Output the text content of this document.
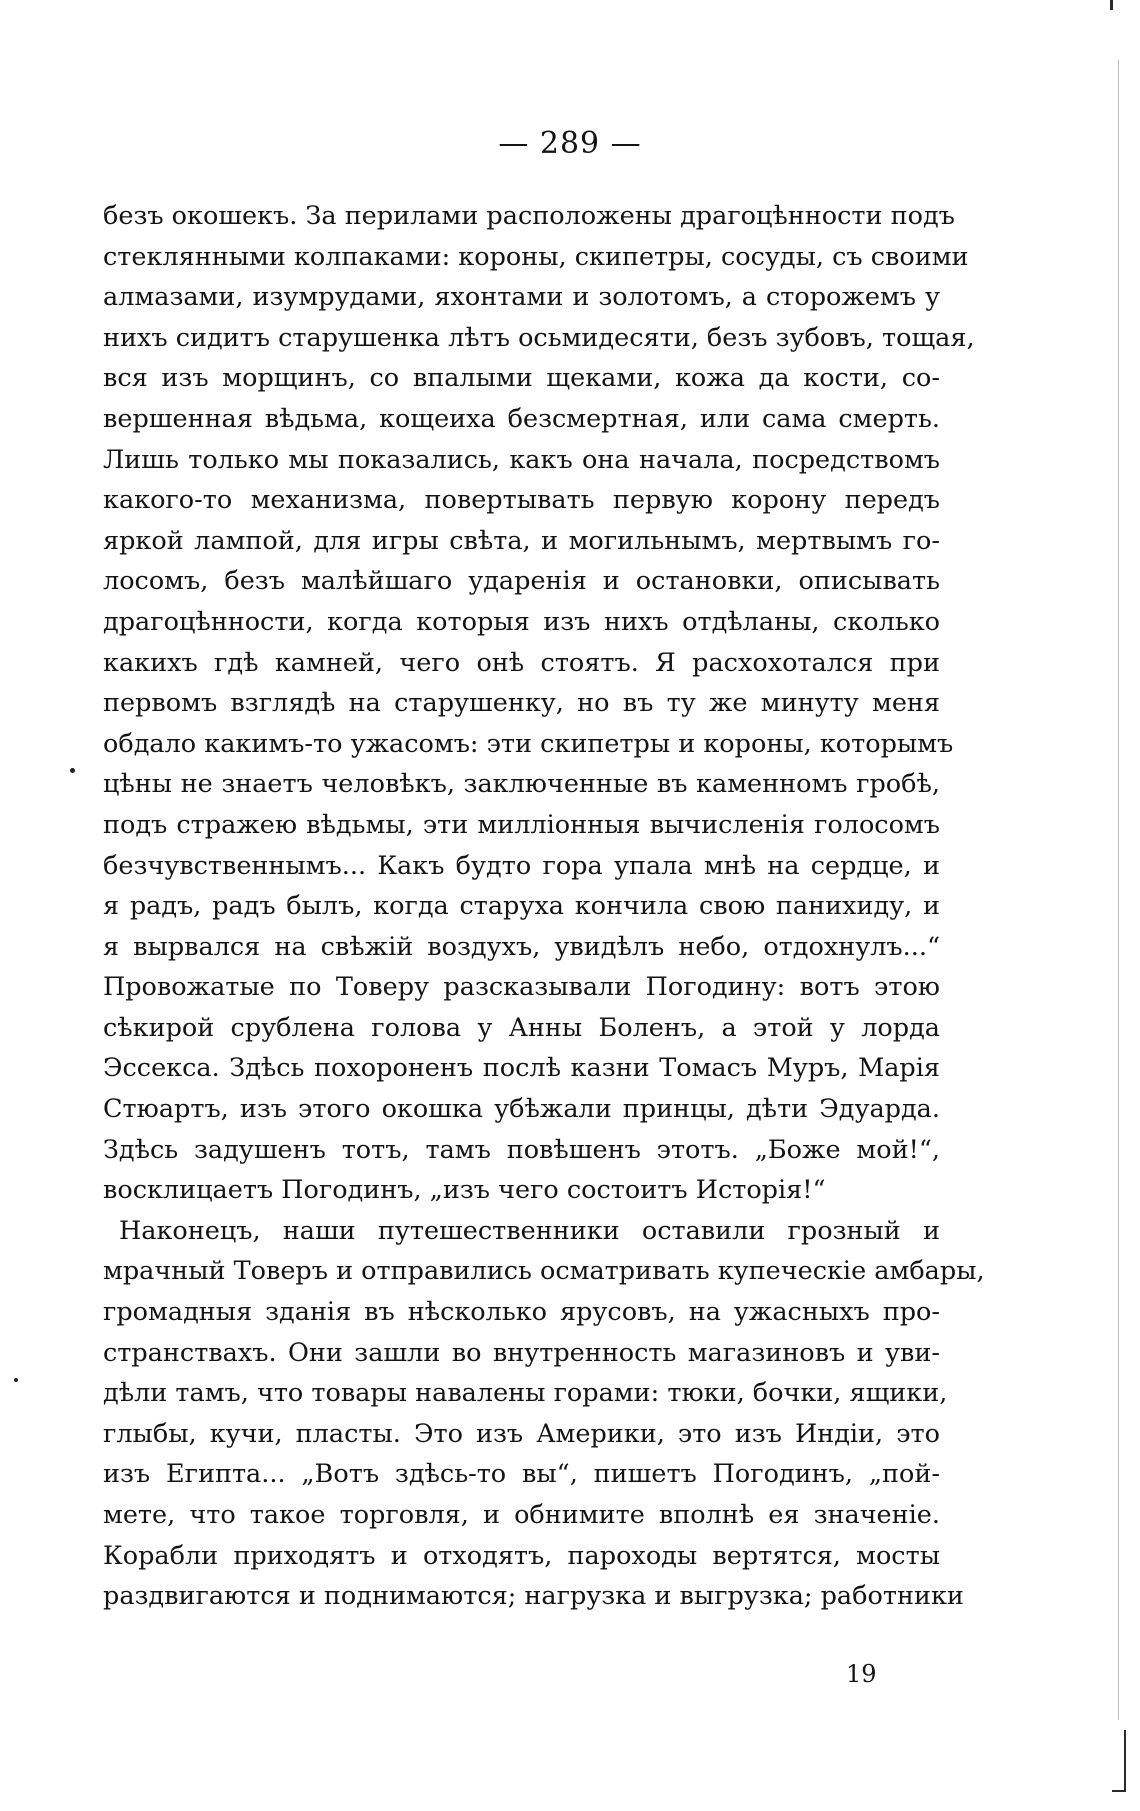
— 289 —
безъ окошекъ. За перилами расположены драгоцѣнности подъ
стеклянными колпаками: короны, скипетры, сосуды, съ своими
алмазами, изумрудами, яхонтами и золотомъ, а сторожемъ у
нихъ сидитъ старушенка лѣтъ осьмидесяти, безъ зубовъ, тощая,
вся изъ морщинъ, со впалыми щеками, кожа да кости, со-
вершенная вѣдьма, кощеиха безсмертная, или сама смерть.
Лишь только мы показались, какъ она начала, посредствомъ
какого-то механизма, повертывать первую корону передъ
яркой лампой, для игры свѣта, и могильнымъ, мертвымъ го-
лосомъ, безъ малѣйшаго ударенія и остановки, описывать
драгоцѣнности, когда которыя изъ нихъ отдѣланы, сколько
какихъ гдѣ камней, чего онѣ стоятъ. Я расхохотался при
первомъ взглядѣ на старушенку, но въ ту же минуту меня
обдало какимъ-то ужасомъ: эти скипетры и короны, которымъ
цѣны не знаетъ человѣкъ, заключенные въ каменномъ гробѣ,
подъ стражею вѣдьмы, эти милліонныя вычисленія голосомъ
безчувственнымъ... Какъ будто гора упала мнѣ на сердце, и
я радъ, радъ былъ, когда старуха кончила свою панихиду, и
я вырвался на свѣжій воздухъ, увидѣлъ небо, отдохнулъ...“
Провожатые по Товеру разсказывали Погодину: вотъ этою
сѣкирой срублена голова у Анны Боленъ, а этой у лорда
Эссекса. Здѣсь похороненъ послѣ казни Томасъ Муръ, Марія
Стюартъ, изъ этого окошка убѣжали принцы, дѣти Эдуарда.
Здѣсь задушенъ тотъ, тамъ повѣшенъ этотъ. „Боже мой!“,
восклицаетъ Погодинъ, „изъ чего состоитъ Исторія!“
Наконецъ, наши путешественники оставили грозный и
мрачный Товеръ и отправились осматривать купеческіе амбары,
громадныя зданія въ нѣсколько ярусовъ, на ужасныхъ про-
странствахъ. Они зашли во внутренность магазиновъ и уви-
дѣли тамъ, что товары навалены горами: тюки, бочки, ящики,
глыбы, кучи, пласты. Это изъ Америки, это изъ Индіи, это
изъ Египта... „Вотъ здѣсь-то вы“, пишетъ Погодинъ, „пой-
мете, что такое торговля, и обнимите вполнѣ ея значеніе.
Корабли приходятъ и отходятъ, пароходы вертятся, мосты
раздвигаются и поднимаются; нагрузка и выгрузка; работники
19
